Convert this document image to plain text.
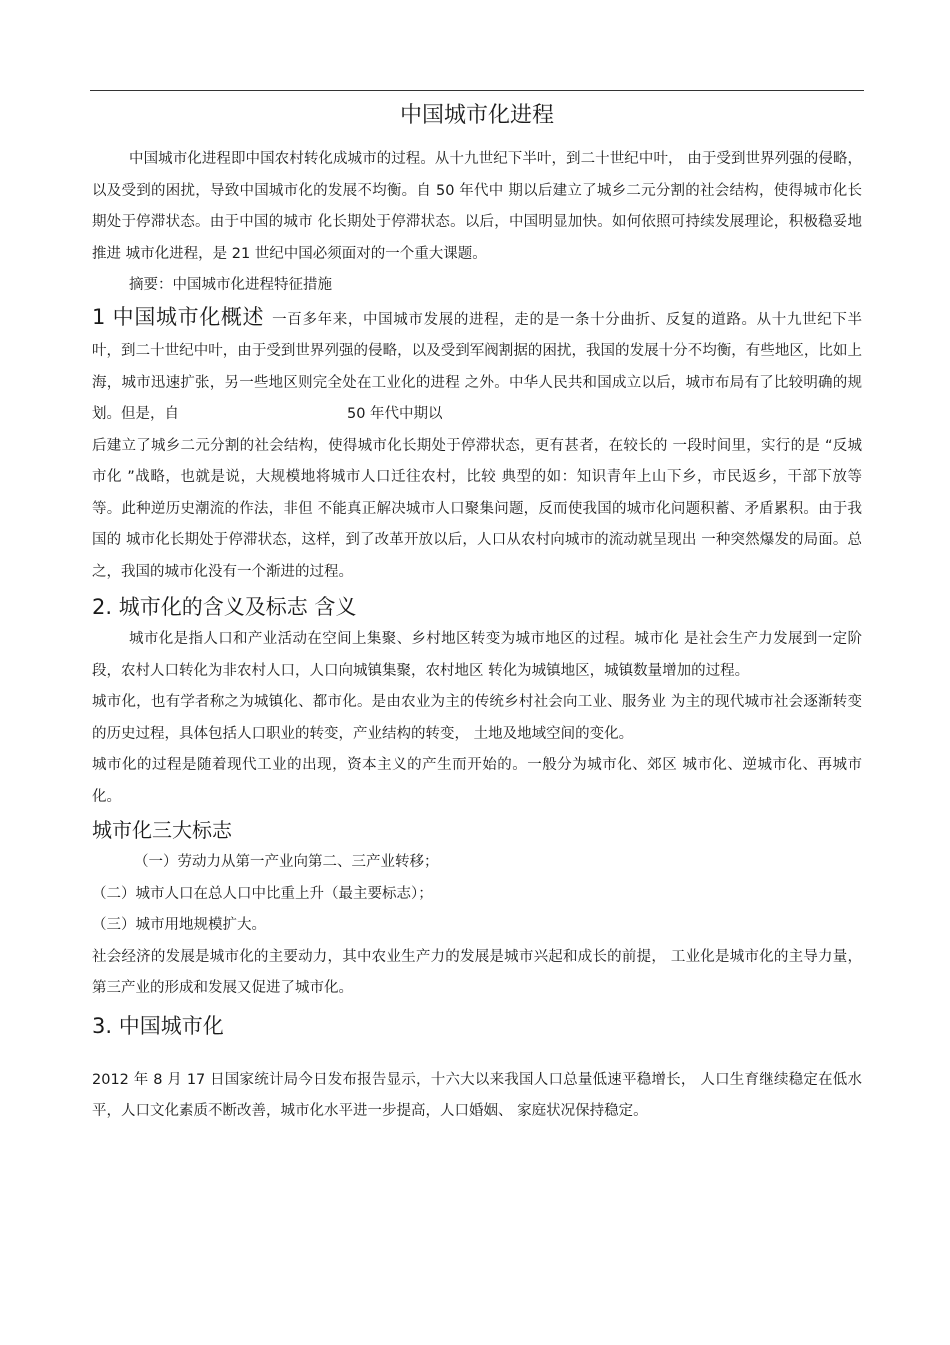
中国城市化进程

中国城市化进程即中国农村转化成城市的过程。从十九世纪下半叶，到二十世纪中叶， 由于受到世界列强的侵略，以及受到的困扰，导致中国城市化的发展不均衡。自 50 年代中 期以后建立了城乡二元分割的社会结构，使得城市化长期处于停滞状态。由于中国的城市 化长期处于停滞状态。以后，中国明显加快。如何依照可持续发展理论，积极稳妥地推进 城市化进程，是 21 世纪中国必须面对的一个重大课题。

摘要：中国城市化进程特征措施

1 中国城市化概述 一百多年来，中国城市发展的进程，走的是一条十分曲折、反复的道路。从十九世纪下半 叶，到二十世纪中叶，由于受到世界列强的侵略，以及受到军阀割据的困扰，我国的发展十分不均衡，有些地区，比如上海，城市迅速扩张，另一些地区则完全处在工业化的进程 之外。中华人民共和国成立以后，城市布局有了比较明确的规划。但是，自	50 年代中期以

后建立了城乡二元分割的社会结构，使得城市化长期处于停滞状态，更有甚者，在较长的 一段时间里，实行的是 “反城市化 ”战略，也就是说，大规模地将城市人口迁往农村，比较 典型的如：知识青年上山下乡，市民返乡，干部下放等等。此种逆历史潮流的作法，非但 不能真正解决城市人口聚集问题，反而使我国的城市化问题积蓄、矛盾累积。由于我国的 城市化长期处于停滞状态，这样，到了改革开放以后，人口从农村向城市的流动就呈现出 一种突然爆发的局面。总之，我国的城市化没有一个渐进的过程。

2. 城市化的含义及标志 含义

城市化是指人口和产业活动在空间上集聚、乡村地区转变为城市地区的过程。城市化 是社会生产力发展到一定阶段，农村人口转化为非农村人口，人口向城镇集聚，农村地区 转化为城镇地区，城镇数量增加的过程。

城市化，也有学者称之为城镇化、都市化。是由农业为主的传统乡村社会向工业、服务业 为主的现代城市社会逐渐转变的历史过程，具体包括人口职业的转变，产业结构的转变， 土地及地域空间的变化。

城市化的过程是随着现代工业的出现，资本主义的产生而开始的。一般分为城市化、郊区 城市化、逆城市化、再城市化。

城市化三大标志

（一）劳动力从第一产业向第二、三产业转移；

（二）城市人口在总人口中比重上升（最主要标志）；

（三）城市用地规模扩大。

社会经济的发展是城市化的主要动力，其中农业生产力的发展是城市兴起和成长的前提， 工业化是城市化的主导力量，第三产业的形成和发展又促进了城市化。

3. 中国城市化

2012 年 8 月 17 日国家统计局今日发布报告显示，十六大以来我国人口总量低速平稳增长， 人口生育继续稳定在低水平，人口文化素质不断改善，城市化水平进一步提高，人口婚姻、 家庭状况保持稳定。
